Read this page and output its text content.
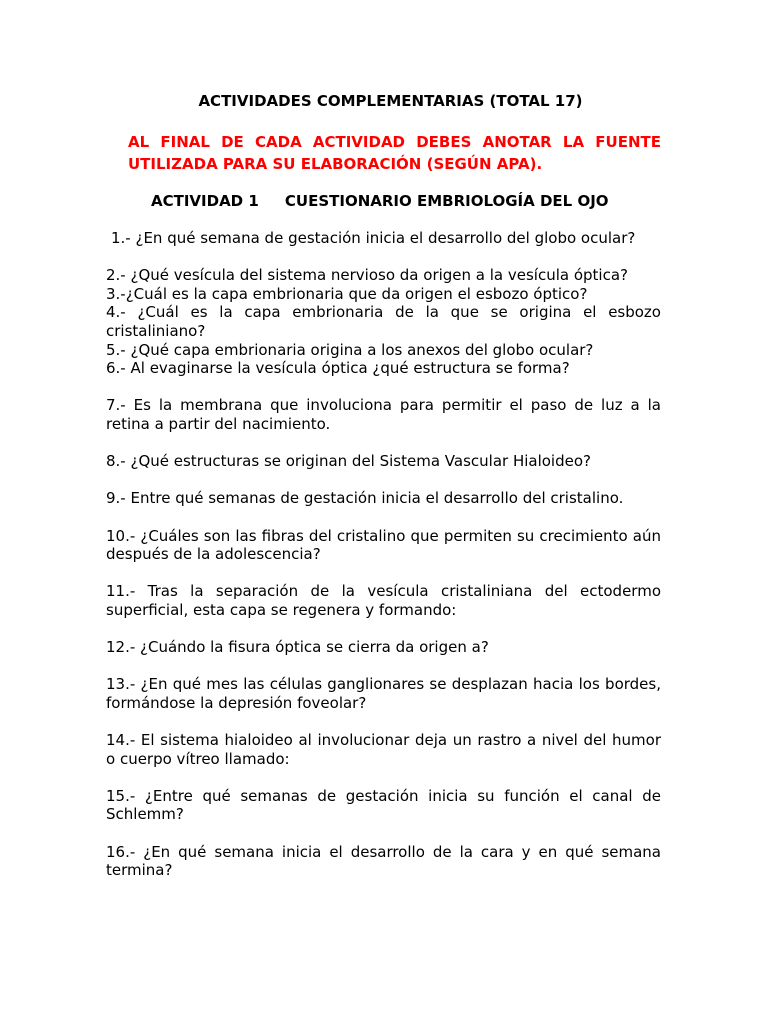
ACTIVIDADES COMPLEMENTARIAS (TOTAL 17)

AL FINAL DE CADA ACTIVIDAD DEBES ANOTAR LA FUENTE UTILIZADA PARA SU ELABORACIÓN (SEGÚN APA).

ACTIVIDAD 1     CUESTIONARIO EMBRIOLOGÍA DEL OJO

1.- ¿En qué semana de gestación inicia el desarrollo del globo ocular?

2.- ¿Qué vesícula del sistema nervioso da origen a la vesícula óptica?

3.-¿Cuál es la capa embrionaria que da origen el esbozo óptico?

4.- ¿Cuál es la capa embrionaria de la que se origina el esbozo cristaliniano?

5.- ¿Qué capa embrionaria origina a los anexos del globo ocular?

6.- Al evaginarse la vesícula óptica ¿qué estructura se forma?

7.- Es la membrana que involuciona para permitir el paso de luz a la retina a partir del nacimiento.

8.- ¿Qué estructuras se originan del Sistema Vascular Hialoideo?

9.- Entre qué semanas de gestación inicia el desarrollo del cristalino.

10.- ¿Cuáles son las fibras del cristalino que permiten su crecimiento aún después de la adolescencia?

11.- Tras la separación de la vesícula cristaliniana del ectodermo superficial, esta capa se regenera y formando:

12.- ¿Cuándo la fisura óptica se cierra da origen a?

13.- ¿En qué mes las células ganglionares se desplazan hacia los bordes, formándose la depresión foveolar?

14.- El sistema hialoideo al involucionar deja un rastro a nivel del humor o cuerpo vítreo llamado:

15.- ¿Entre qué semanas de gestación inicia su función el canal de Schlemm?

16.- ¿En qué semana inicia el desarrollo de la cara y en qué semana termina?
